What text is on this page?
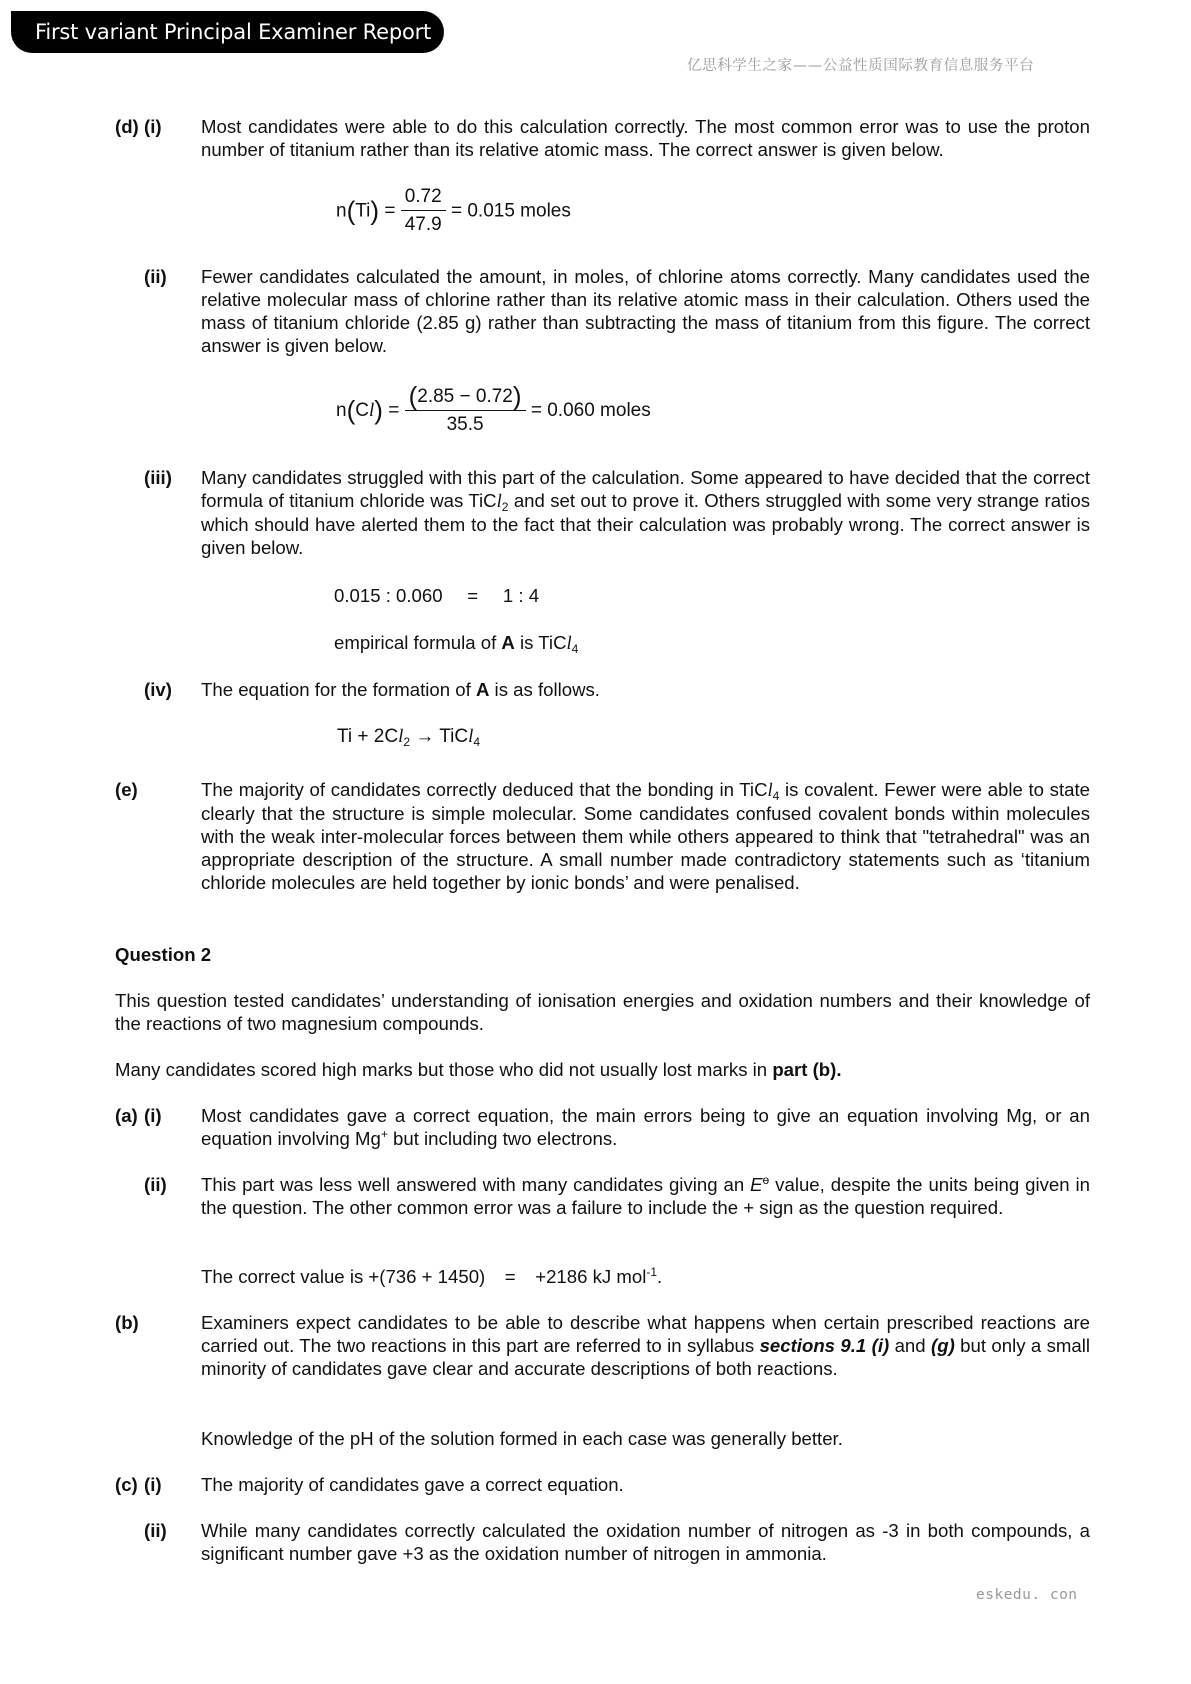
First variant Principal Examiner Report
亿思科学生之家——公益性质国际教育信息服务平台
(d) (i) Most candidates were able to do this calculation correctly. The most common error was to use the proton number of titanium rather than its relative atomic mass. The correct answer is given below.
$n(Ti) = \frac{0.72}{47.9} = 0.015$ moles
(ii) Fewer candidates calculated the amount, in moles, of chlorine atoms correctly. Many candidates used the relative molecular mass of chlorine rather than its relative atomic mass in their calculation. Others used the mass of titanium chloride (2.85 g) rather than subtracting the mass of titanium from this figure. The correct answer is given below.
$n(Cl) = \frac{(2.85 - 0.72)}{35.5} = 0.060$ moles
(iii) Many candidates struggled with this part of the calculation. Some appeared to have decided that the correct formula of titanium chloride was TiCl$_2$ and set out to prove it. Others struggled with some very strange ratios which should have alerted them to the fact that their calculation was probably wrong. The correct answer is given below.
0.015 : 0.060 = 1 : 4
empirical formula of A is TiCl$_4$
(iv) The equation for the formation of A is as follows.
$Ti + 2Cl_2$ → TiCl$_4$
(e)	The majority of candidates correctly deduced that the bonding in TiCl$_4$ is covalent. Fewer were able to state clearly that the structure is simple molecular. Some candidates confused covalent bonds within molecules with the weak inter-molecular forces between them while others appeared to think that "tetrahedral" was an appropriate description of the structure. A small number made contradictory statements such as ‘titanium chloride molecules are held together by ionic bonds’ and were penalised.
Question 2
This question tested candidates’ understanding of ionisation energies and oxidation numbers and their knowledge of the reactions of two magnesium compounds.
Many candidates scored high marks but those who did not usually lost marks in part (b).
(a) (i) Most candidates gave a correct equation, the main errors being to give an equation involving Mg, or an equation involving Mg+ but including two electrons.
(ii) This part was less well answered with many candidates giving an $E^ө$ value, despite the units being given in the question. The other common error was a failure to include the + sign as the question required.
The correct value is +(736 + 1450) = +2186 kJ mol$^{-1}$.
(b)	Examiners expect candidates to be able to describe what happens when certain prescribed reactions are carried out. The two reactions in this part are referred to in syllabus sections 9.1 (i) and (g) but only a small minority of candidates gave clear and accurate descriptions of both reactions.
Knowledge of the pH of the solution formed in each case was generally better.
(c) (i) The majority of candidates gave a correct equation.
(ii) While many candidates correctly calculated the oxidation number of nitrogen as -3 in both compounds, a significant number gave +3 as the oxidation number of nitrogen in ammonia.
eskedu. con
